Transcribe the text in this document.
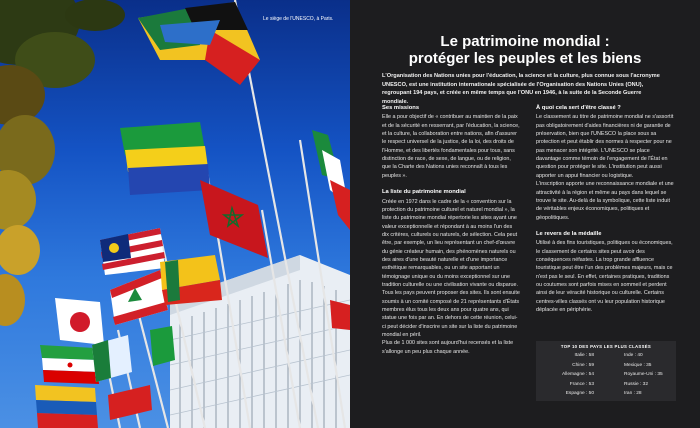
Le siège de l'UNESCO, à Paris.
Le patrimoine mondial :
protéger les peuples et les biens
L'Organisation des Nations unies pour l'éducation, la science et la culture, plus connue sous l'acronyme UNESCO, est une institution internationale spécialisée de l'Organisation des Nations Unies (ONU), regroupant 194 pays, et créée en même temps que l'ONU en 1946, à la suite de la Seconde Guerre mondiale.
Ses missions

Elle a pour objectif de « contribuer au maintien de la paix et de la sécurité en resserrant, par l'éducation, la science, et la culture, la collaboration entre nations, afin d'assurer le respect universel de la justice, de la loi, des droits de l'Homme, et des libertés fondamentales pour tous, sans distinction de race, de sexe, de langue, ou de religion, que la Charte des Nations unies reconnaît à tous les peuples ».

La liste du patrimoine mondial

Créée en 1972 dans le cadre de la « convention sur la protection du patrimoine culturel et naturel mondial », la liste du patrimoine mondial répertorie les sites ayant une valeur exceptionnelle et répondant à au moins l'un des dix critères, culturels ou naturels, de sélection. Cela peut être, par exemple, un lieu représentant un chef-d'œuvre du génie créateur humain, des phénomènes naturels ou des aires d'une beauté naturelle et d'une importance esthétique remarquables, ou un site apportant un témoignage unique ou du moins exceptionnel sur une tradition culturelle ou une civilisation vivante ou disparue.

Tous les pays peuvent proposer des sites. Ils sont ensuite soumis à un comité composé de 21 représentants d'États membres élus tous les deux ans pour quatre ans, qui statue une fois par an. En dehors de cette réunion, celui-ci peut décider d'inscrire un site sur la liste du patrimoine mondial en péril.

Plus de 1 000 sites sont aujourd'hui recensés et la liste s'allonge un peu plus chaque année.

À quoi cela sert d'être classé ?

Le classement au titre de patrimoine mondial ne s'assortit pas obligatoirement d'aides financières ni de garantie de préservation, bien que l'UNESCO la place sous sa protection et peut établir des normes à respecter pour ne pas menacer son intégrité. L'UNESCO se place davantage comme témoin de l'engagement de l'État en question pour protéger le site. L'institution peut aussi apporter un appui financier ou logistique.

L'inscription apporte une reconnaissance mondiale et une attractivité à la région et même au pays dans lequel se trouve le site. Au-delà de la symbolique, cette liste induit de véritables enjeux économiques, politiques et géopolitiques.

Le revers de la médaille

Utilisé à des fins touristiques, politiques ou économiques, le classement de certains sites peut avoir des conséquences néfastes. La trop grande affluence touristique peut être l'un des problèmes majeurs, mais ce n'est pas le seul. En effet, certaines pratiques, traditions ou coutumes sont parfois mises en sommeil et perdent ainsi de leur véracité historique ou culturelle. Certains centres-villes classés ont vu leur population historique déplacée en périphérie.

TOP 10 DES PAYS LES PLUS CLASSÉS
Italie : 58	Inde : 40
Chine : 59	Mexique : 35
Allemagne : 54	Royaume-Uni : 35
France : 53	Russie : 32
Espagne : 50	Iran : 28
